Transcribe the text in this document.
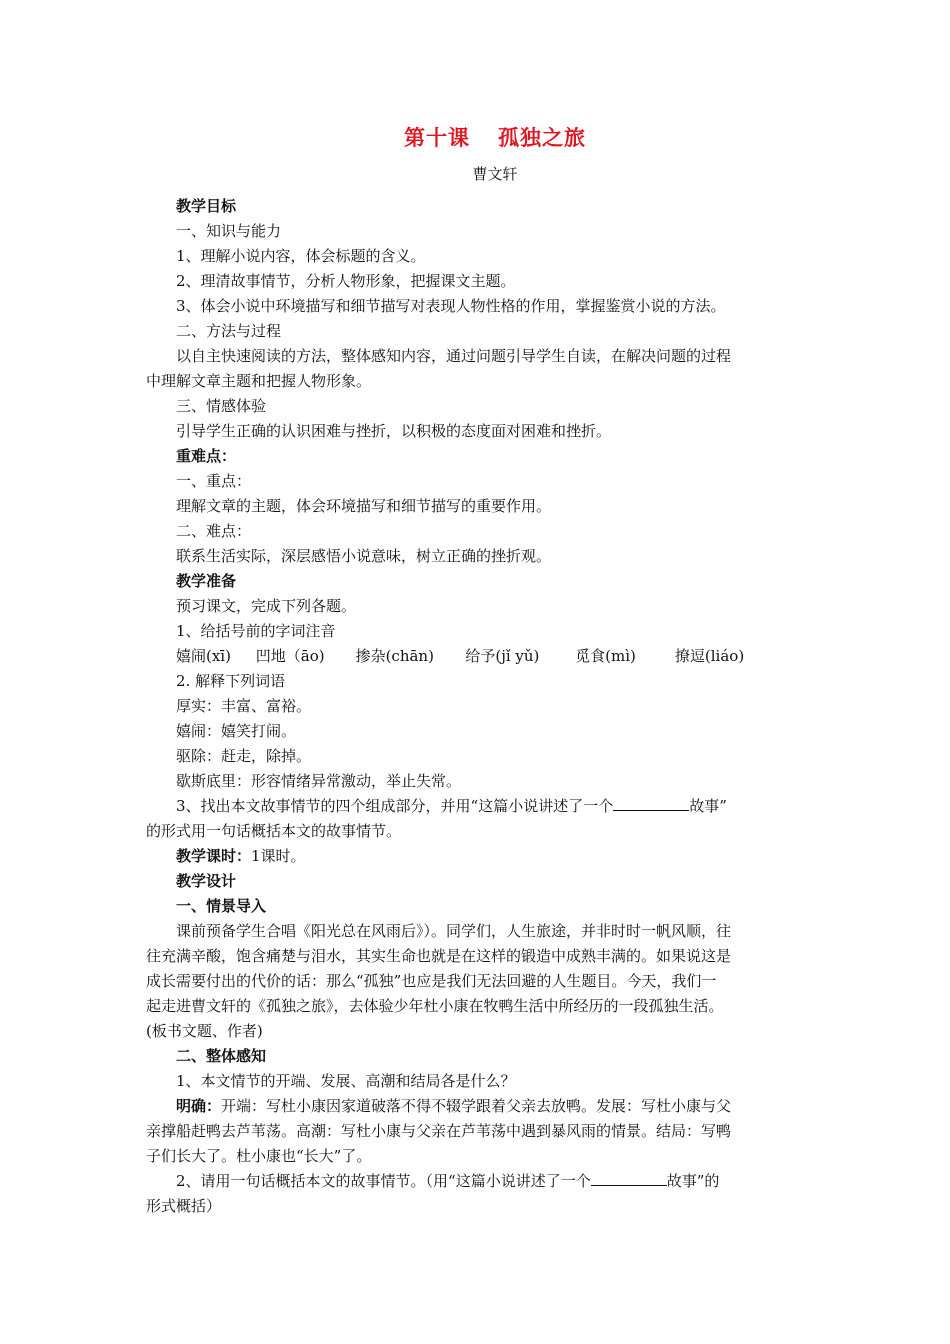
第十课 孤独之旅
曹文轩
教学目标
一、知识与能力
1、理解小说内容，体会标题的含义。
2、理清故事情节，分析人物形象，把握课文主题。
3、体会小说中环境描写和细节描写对表现人物性格的作用，掌握鉴赏小说的方法。
二、方法与过程
以自主快速阅读的方法，整体感知内容，通过问题引导学生自读，在解决问题的过程
中理解文章主题和把握人物形象。
三、情感体验
引导学生正确的认识困难与挫折，以积极的态度面对困难和挫折。
重难点：
一、重点：
理解文章的主题，体会环境描写和细节描写的重要作用。
二、难点：
联系生活实际，深层感悟小说意味，树立正确的挫折观。
教学准备
预习课文，完成下列各题。
1、给括号前的字词注音
嬉闹(xī) 凹地（āo) 掺杂(chān) 给予(jǐ yǔ) 觅食(mì)	撩逗(liáo)
2. 解释下列词语
厚实：丰富、富裕。
嬉闹：嬉笑打闹。
驱除：赶走，除掉。
歇斯底里：形容情绪异常激动，举止失常。
3、找出本文故事情节的四个组成部分，并用“这篇小说讲述了一个	故事”
的形式用一句话概括本文的故事情节。
教学课时：1课时。
教学设计
一、情景导入
课前预备学生合唱《阳光总在风雨后》）。同学们，人生旅途，并非时时一帆风顺，往
往充满辛酸，饱含痛楚与泪水，其实生命也就是在这样的锻造中成熟丰满的。如果说这是
成长需要付出的代价的话：那么“孤独”也应是我们无法回避的人生题目。今天，我们一
起走进曹文轩的《孤独之旅》，去体验少年杜小康在牧鸭生活中所经历的一段孤独生活。
(板书文题、作者)
二、整体感知
1、本文情节的开端、发展、高潮和结局各是什么？
明确：开端：写杜小康因家道破落不得不辍学跟着父亲去放鸭。发展：写杜小康与父
亲撑船赶鸭去芦苇荡。高潮：写杜小康与父亲在芦苇荡中遇到暴风雨的情景。结局：写鸭
子们长大了。杜小康也“长大”了。
2、请用一句话概括本文的故事情节。（用“这篇小说讲述了一个	故事”的
形式概括）
